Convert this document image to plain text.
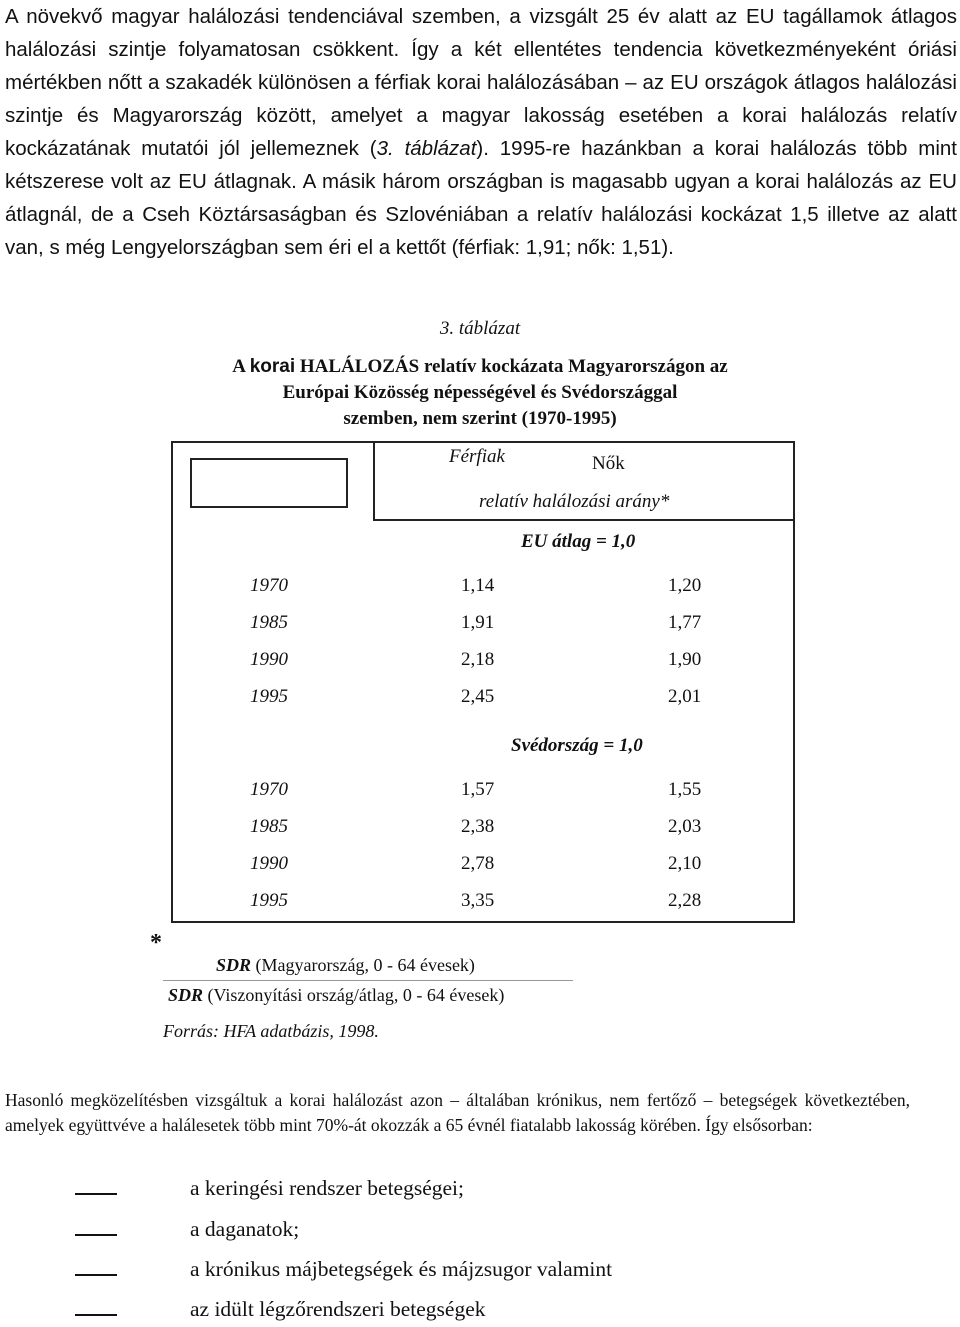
A növekvő magyar halálozási tendenciával szemben, a vizsgált 25 év alatt az EU tagállamok átlagos halálozási szintje folyamatosan csökkent. Így a két ellentétes tendencia következményeként óriási mértékben nőtt a szakadék különösen a férfiak korai halálozásában – az EU országok átlagos halálozási szintje és Magyarország között, amelyet a magyar lakosság esetében a korai halálozás relatív kockázatának mutatói jól jellemeznek (3. táblázat). 1995-re hazánkban a korai halálozás több mint kétszerese volt az EU átlagnak. A másik három országban is magasabb ugyan a korai halálozás az EU átlagnál, de a Cseh Köztársaságban és Szlovéniában a relatív halálozási kockázat 1,5 illetve az alatt van, s még Lengyelországban sem éri el a kettőt (férfiak: 1,91; nők: 1,51).

3. táblázat
A korai HALÁLOZÁS relatív kockázata Magyarországon az
Európai Közösség népességével és Svédországgal
szemben, nem szerint (1970-1995)
Férfiak	Nők
relatív halálozási arány*
EU átlag = 1,0
1970	1,14	1,20
1985	1,91	1,77
1990	2,18	1,90
1995	2,45	2,01
Svédország = 1,0
1970	1,57	1,55
1985	2,38	2,03
1990	2,78	2,10
1995	3,35	2,28
*
SDR (Magyarország, 0 - 64 évesek)
SDR (Viszonyítási ország/átlag, 0 - 64 évesek)
Forrás: HFA adatbázis, 1998.

Hasonló megközelítésben vizsgáltuk a korai halálozást azon – általában krónikus, nem fertőző – betegségek következtében, amelyek együttvéve a halálesetek több mint 70%-át okozzák a 65 évnél fiatalabb lakosság körében. Így elsősorban:

a keringési rendszer betegségei;
a daganatok;
a krónikus májbetegségek és májzsugor valamint
az idült légzőrendszeri betegségek
